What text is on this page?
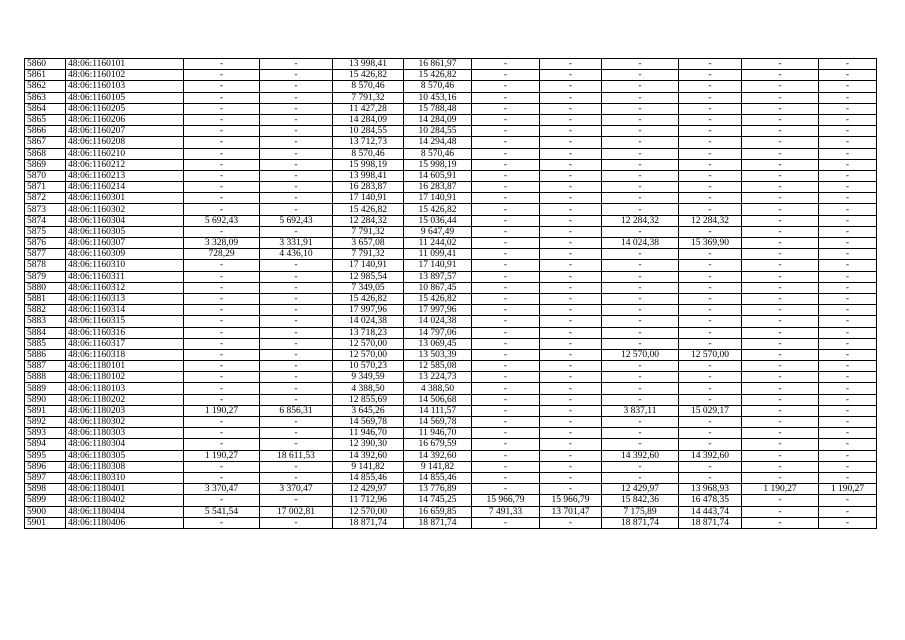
5860	48:06:1160101	-	-	13 998,41	16 861,97	-	-	-	-	-	-
5861	48:06:1160102	-	-	15 426,82	15 426,82	-	-	-	-	-	-
5862	48:06:1160103	-	-	8 570,46	8 570,46	-	-	-	-	-	-
5863	48:06:1160105	-	-	7 791,32	10 453,16	-	-	-	-	-	-
5864	48:06:1160205	-	-	11 427,28	15 788,48	-	-	-	-	-	-
5865	48:06:1160206	-	-	14 284,09	14 284,09	-	-	-	-	-	-
5866	48:06:1160207	-	-	10 284,55	10 284,55	-	-	-	-	-	-
5867	48:06:1160208	-	-	13 712,73	14 294,48	-	-	-	-	-	-
5868	48:06:1160210	-	-	8 570,46	8 570,46	-	-	-	-	-	-
5869	48:06:1160212	-	-	15 998,19	15 998,19	-	-	-	-	-	-
5870	48:06:1160213	-	-	13 998,41	14 605,91	-	-	-	-	-	-
5871	48:06:1160214	-	-	16 283,87	16 283,87	-	-	-	-	-	-
5872	48:06:1160301	-	-	17 140,91	17 140,91	-	-	-	-	-	-
5873	48:06:1160302	-	-	15 426,82	15 426,82	-	-	-	-	-	-
5874	48:06:1160304	5 692,43	5 692,43	12 284,32	15 036,44	-	-	12 284,32	12 284,32	-	-
5875	48:06:1160305	-	-	7 791,32	9 647,49	-	-	-	-	-	-
5876	48:06:1160307	3 328,09	3 331,91	3 657,08	11 244,02	-	-	14 024,38	15 369,90	-	-
5877	48:06:1160309	728,29	4 436,10	7 791,32	11 099,41	-	-	-	-	-	-
5878	48:06:1160310	-	-	17 140,91	17 140,91	-	-	-	-	-	-
5879	48:06:1160311	-	-	12 985,54	13 897,57	-	-	-	-	-	-
5880	48:06:1160312	-	-	7 349,05	10 867,45	-	-	-	-	-	-
5881	48:06:1160313	-	-	15 426,82	15 426,82	-	-	-	-	-	-
5882	48:06:1160314	-	-	17 997,96	17 997,96	-	-	-	-	-	-
5883	48:06:1160315	-	-	14 024,38	14 024,38	-	-	-	-	-	-
5884	48:06:1160316	-	-	13 718,23	14 797,06	-	-	-	-	-	-
5885	48:06:1160317	-	-	12 570,00	13 069,45	-	-	-	-	-	-
5886	48:06:1160318	-	-	12 570,00	13 503,39	-	-	12 570,00	12 570,00	-	-
5887	48:06:1180101	-	-	10 570,23	12 585,08	-	-	-	-	-	-
5888	48:06:1180102	-	-	9 349,59	13 224,73	-	-	-	-	-	-
5889	48:06:1180103	-	-	4 388,50	4 388,50	-	-	-	-	-	-
5890	48:06:1180202	-	-	12 855,69	14 506,68	-	-	-	-	-	-
5891	48:06:1180203	1 190,27	6 856,31	3 645,26	14 111,57	-	-	3 837,11	15 029,17	-	-
5892	48:06:1180302	-	-	14 569,78	14 569,78	-	-	-	-	-	-
5893	48:06:1180303	-	-	11 946,70	11 946,70	-	-	-	-	-	-
5894	48:06:1180304	-	-	12 390,30	16 679,59	-	-	-	-	-	-
5895	48:06:1180305	1 190,27	18 611,53	14 392,60	14 392,60	-	-	14 392,60	14 392,60	-	-
5896	48:06:1180308	-	-	9 141,82	9 141,82	-	-	-	-	-	-
5897	48:06:1180310	-	-	14 855,46	14 855,46	-	-	-	-	-	-
5898	48:06:1180401	3 370,47	3 370,47	12 429,97	13 776,89	-	-	12 429,97	13 968,93	1 190,27	1 190,27
5899	48:06:1180402	-	-	11 712,96	14 745,25	15 966,79	15 966,79	15 842,36	16 478,35	-	-
5900	48:06:1180404	5 541,54	17 002,81	12 570,00	16 659,85	7 491,33	13 701,47	7 175,89	14 443,74	-	-
5901	48:06:1180406	-	-	18 871,74	18 871,74	-	-	18 871,74	18 871,74	-	-
